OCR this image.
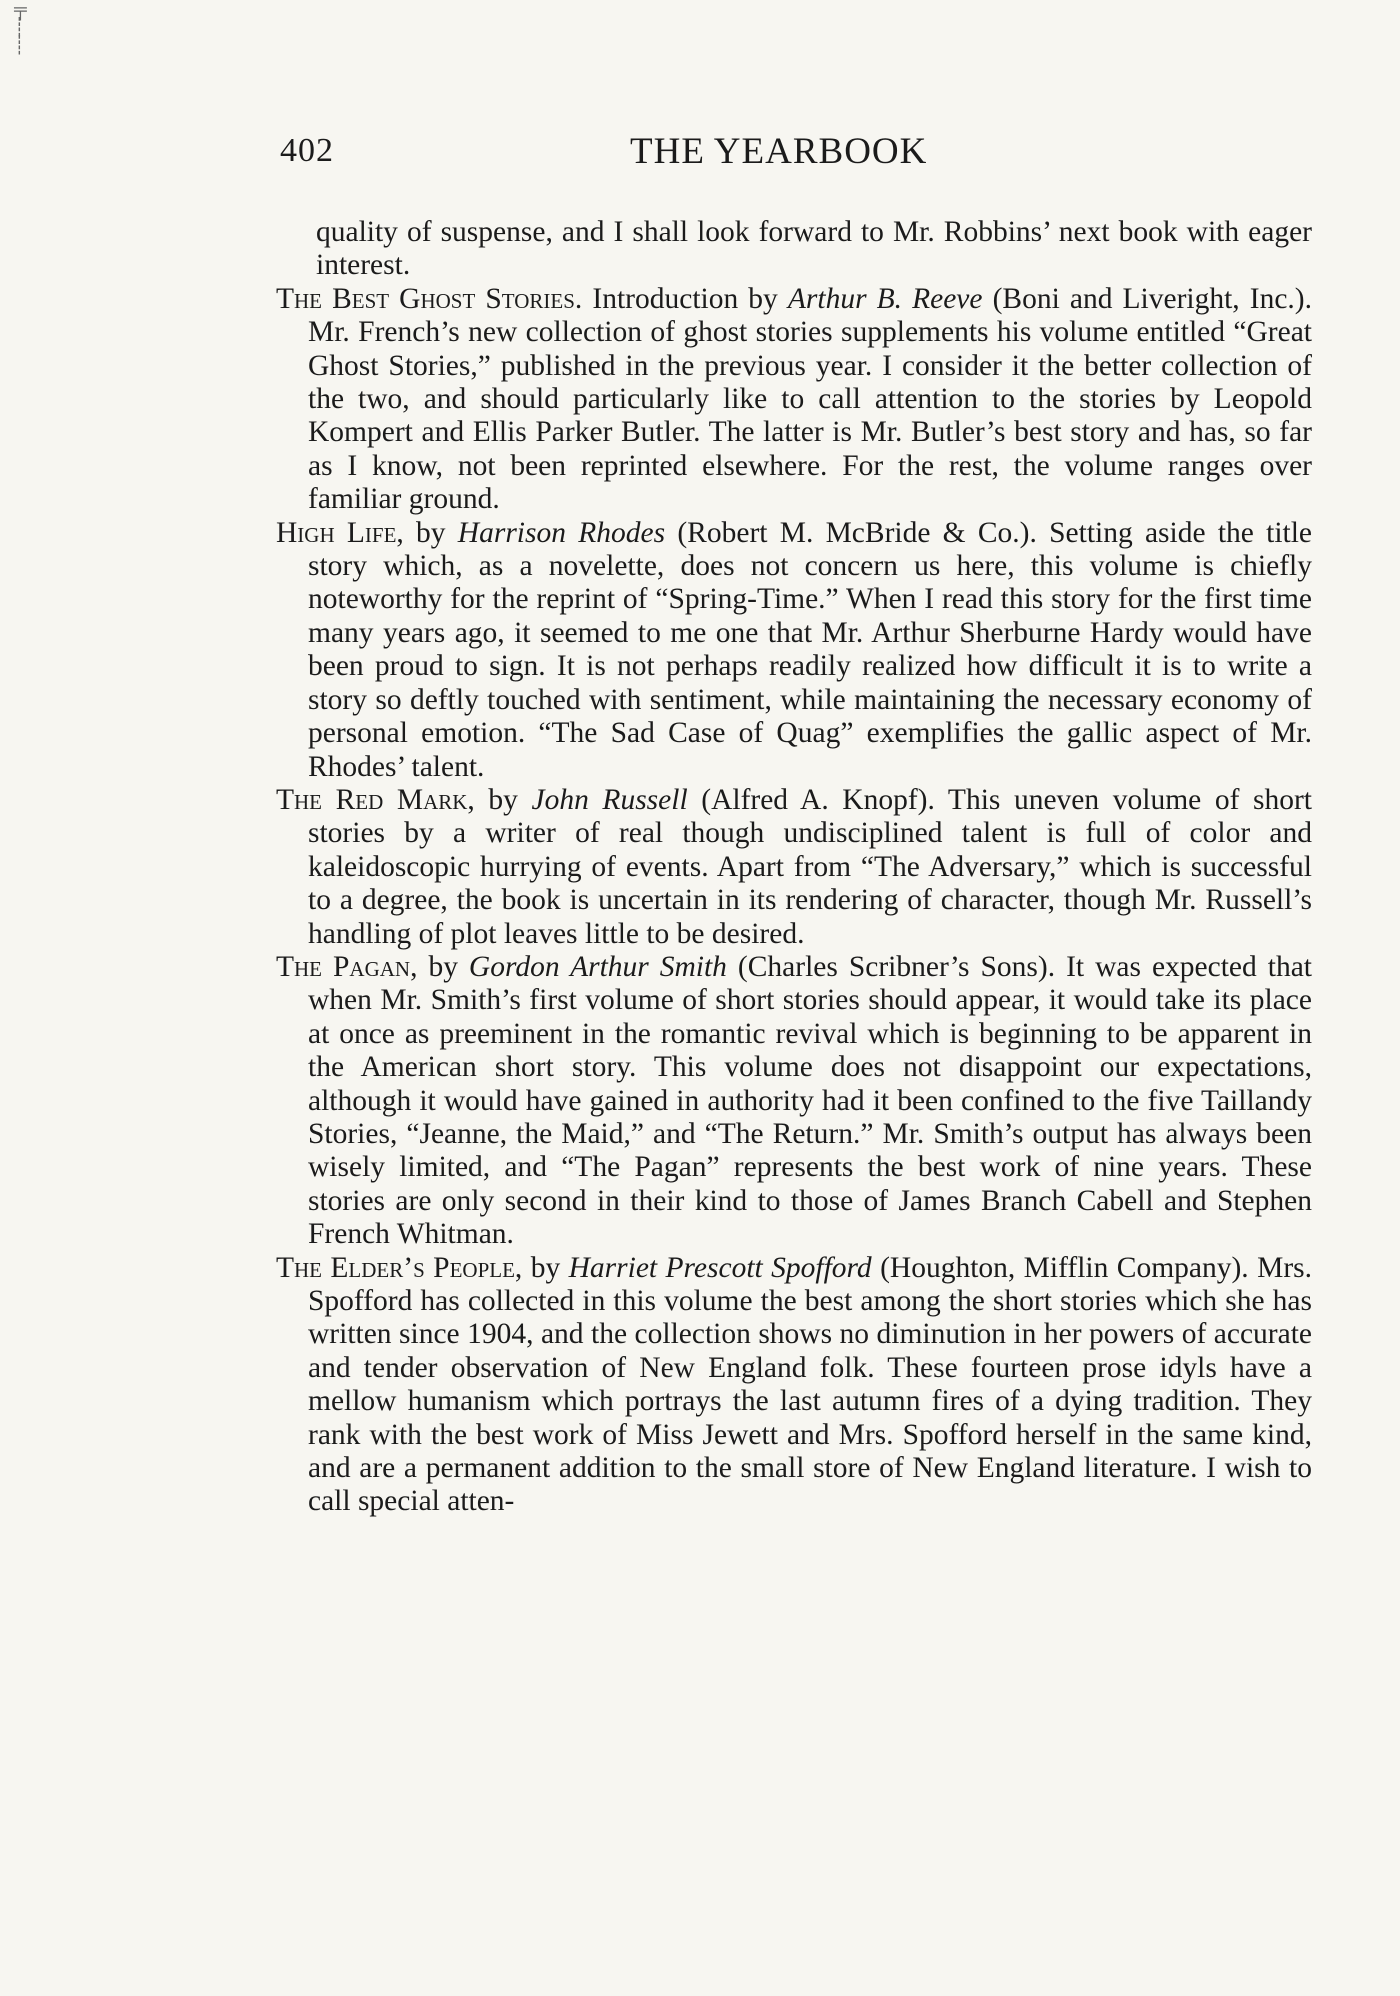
╤
┊
┊
402	THE YEARBOOK

quality of suspense, and I shall look forward to Mr. Robbins’ next book with eager interest.

The Best Ghost Stories. Introduction by Arthur B. Reeve (Boni and Liveright, Inc.). Mr. French’s new collection of ghost stories supplements his volume entitled “Great Ghost Stories,” published in the previous year. I consider it the better collection of the two, and should particularly like to call attention to the stories by Leopold Kompert and Ellis Parker Butler. The latter is Mr. Butler’s best story and has, so far as I know, not been reprinted elsewhere. For the rest, the volume ranges over familiar ground.

High Life, by Harrison Rhodes (Robert M. McBride & Co.). Setting aside the title story which, as a novelette, does not concern us here, this volume is chiefly noteworthy for the reprint of “Spring-Time.” When I read this story for the first time many years ago, it seemed to me one that Mr. Arthur Sherburne Hardy would have been proud to sign. It is not perhaps readily realized how difficult it is to write a story so deftly touched with sentiment, while maintaining the necessary economy of personal emotion. “The Sad Case of Quag” exemplifies the gallic aspect of Mr. Rhodes’ talent.

The Red Mark, by John Russell (Alfred A. Knopf). This uneven volume of short stories by a writer of real though undisciplined talent is full of color and kaleidoscopic hurrying of events. Apart from “The Adversary,” which is successful to a degree, the book is uncertain in its rendering of character, though Mr. Russell’s handling of plot leaves little to be desired.

The Pagan, by Gordon Arthur Smith (Charles Scribner’s Sons). It was expected that when Mr. Smith’s first volume of short stories should appear, it would take its place at once as preeminent in the romantic revival which is beginning to be apparent in the American short story. This volume does not disappoint our expectations, although it would have gained in authority had it been confined to the five Taillandy Stories, “Jeanne, the Maid,” and “The Return.” Mr. Smith’s output has always been wisely limited, and “The Pagan” represents the best work of nine years. These stories are only second in their kind to those of James Branch Cabell and Stephen French Whitman.

The Elder’s People, by Harriet Prescott Spofford (Houghton, Mifflin Company). Mrs. Spofford has collected in this volume the best among the short stories which she has written since 1904, and the collection shows no diminution in her powers of accurate and tender observation of New England folk. These fourteen prose idyls have a mellow humanism which portrays the last autumn fires of a dying tradition. They rank with the best work of Miss Jewett and Mrs. Spofford herself in the same kind, and are a permanent addition to the small store of New England literature. I wish to call special atten-
